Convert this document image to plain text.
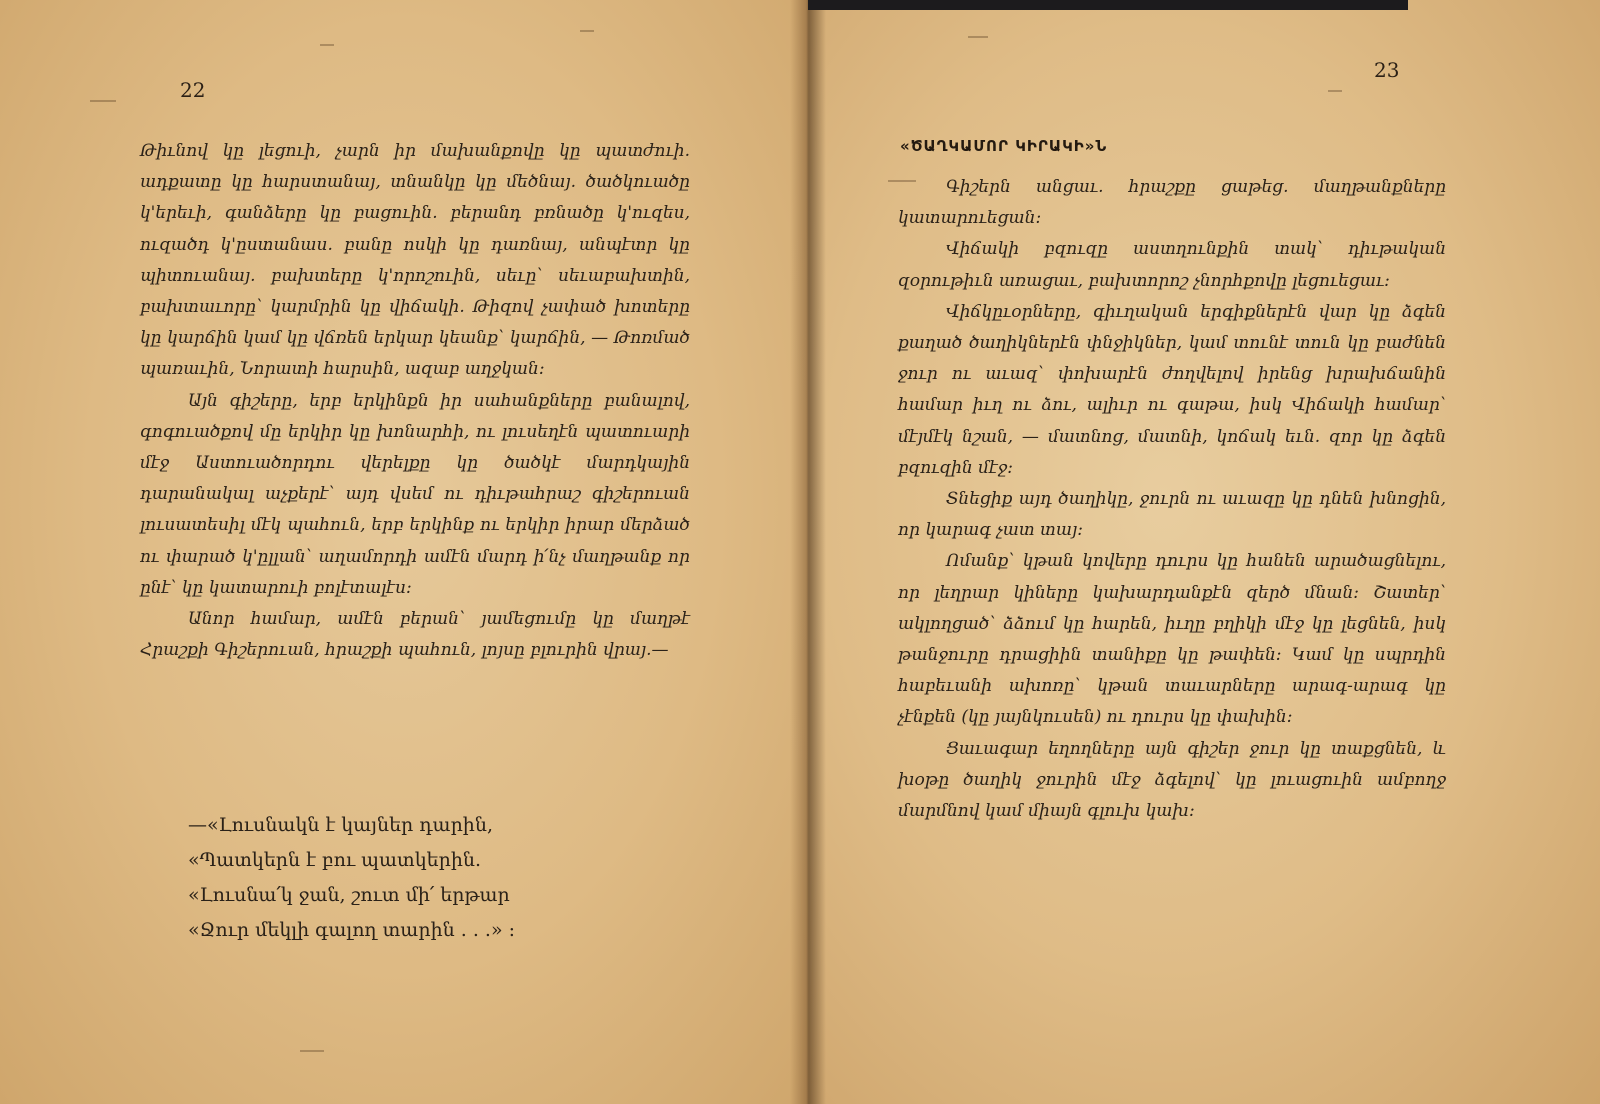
22

Թիւնով կը լեցուի, չարն իր մախանքովը կը պատժուի. ադքատը կը հարստանայ, տնանկը կը մեծնայ. ծածկուածը կ'երեւի, գանձերը կը բացուին. բերանդ բռնածը կ'ուզես, ուզածդ կ'ըստանաս. բանը ոսկի կը դառնայ, անպէտր կը պիտուանայ. բախտերը կ'որոշուին, սեւը՝ սեւաբախտին, բախտաւորը՝ կարմրին կը վիճակի. Թիզով չափած խոտերը կը կարճին կամ կը վճռեն երկար կեանք՝ կարճին, — Թոռմած պառաւին, Նորատի հարսին, ազաբ աղջկան։

Այն գիշերը, երբ երկինքն իր սահանքները բանալով, գոգուածքով մը երկիր կը խոնարհի, ու լուսեղէն պատուարի մէջ Աստուածորդու վերելքը կը ծածկէ մարդկային դարանակալ աչքերէ՝ այդ վսեմ ու դիւթահրաշ գիշերուան լուսատեսիլ մէկ պահուն, երբ երկինք ու երկիր իրար մերձած ու փարած կ'ըլլան՝ աղամորդի ամէն մարդ ի՛նչ մաղթանք որ ընէ՝ կը կատարուի բոլէտալէս։

Անոր համար, ամէն բերան՝ յամեցումը կը մաղթէ Հրաշքի Գիշերուան, հրաշքի պահուն, լոյսը բլուրին վրայ.—

—«Լուսնակն է կայներ դարին,
«Պատկերն է բու պատկերին.
«Լուսնա՛կ ջան, շուտ մի՛ երթար
«Ջուր մեկլի գալող տարին . . .» :
23
«ԾԱՂԿԱՄՈՐ ԿԻՐԱԿԻ»Ն

Գիշերն անցաւ. հրաշքը ցաթեց. մաղթանքները կատարուեցան։

Վիճակի բզուզը աստղունքին տակ՝ դիւթական զօրութիւն առացաւ, բախտորոշ չնորհքովը լեցուեցաւ։

Վիճկըւօրները, գիւղական երգիքներէն վար կը ձգեն քաղած ծաղիկներէն փնջիկներ, կամ տունէ տուն կը բաժնեն ջուր ու աւազ՝ փոխարէն ժողվելով իրենց խրախճանին համար իւղ ու ձու, ալիւր ու գաթա, իսկ Վիճակի համար՝ մէյմէկ նշան, — մատնոց, մատնի, կոճակ եւն. զոր կը ձգեն բզուզին մէջ։

Տնեցիք այդ ծաղիկը, ջուրն ու աւազը կը դնեն խնոցին, որ կարագ չատ տայ։

Ոմանք՝ կթան կովերը դուրս կը հանեն արածացնելու, որ լեղրար կիները կախարդանքէն զերծ մնան։ Շատեր՝ ակլողցած՝ ձձում կը հարեն, իւղը բղիկի մէջ կը լեցնեն, իսկ թանջուրը դրացիին տանիքը կը թափեն։ Կամ կը սպրդին հաբեւանի ախոռը՝ կթան տաւարները արագ-արագ կը չէնքեն (կը յայնկուսեն) ու դուրս կը փախին։

Ցաւագար եղողները այն գիշեր ջուր կը տաքցնեն, և խօթը ծաղիկ ջուրին մէջ ձգելով՝ կը լուացուին ամբողջ մարմնով կամ միայն գլուխ կախ։
